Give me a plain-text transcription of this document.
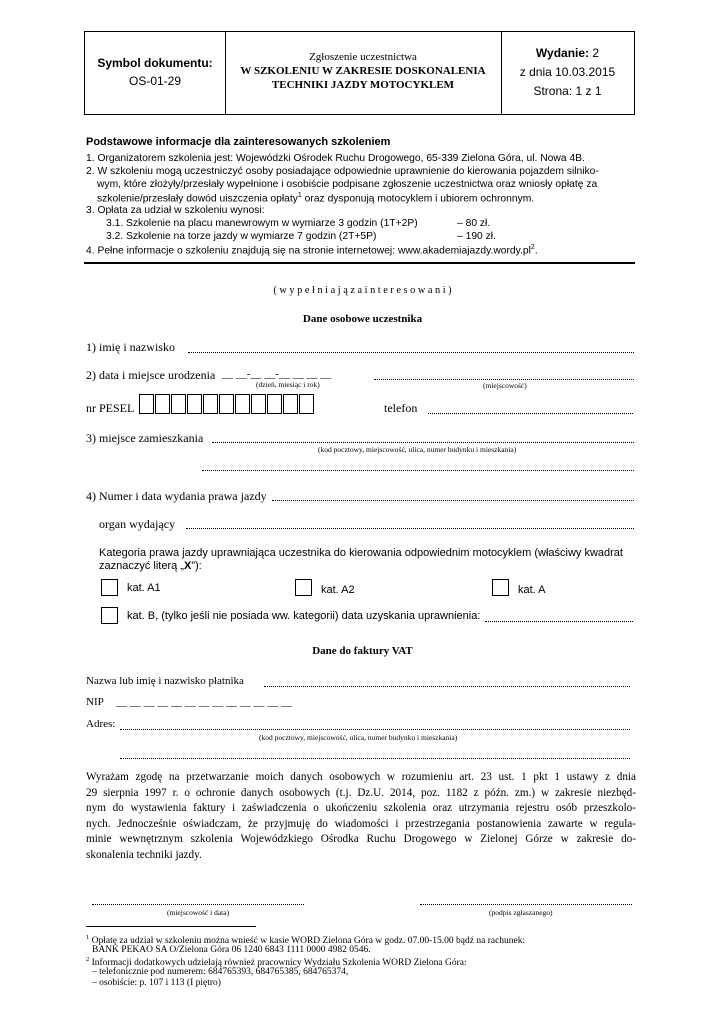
Symbol dokumentu:
OS-01-29
Zgłoszenie uczestnictwa
W SZKOLENIU W ZAKRESIE DOSKONALENIA
TECHNIKI JAZDY MOTOCYKLEM
Wydanie: 2
z dnia 10.03.2015
Strona: 1 z 1
Podstawowe informacje dla zainteresowanych szkoleniem
1. Organizatorem szkolenia jest: Wojewódzki Ośrodek Ruchu Drogowego, 65-339 Zielona Góra, ul. Nowa 4B.
2. W szkoleniu mogą uczestniczyć osoby posiadające odpowiednie uprawnienie do kierowania pojazdem silniko-
wym, które złożyły/przesłały wypełnione i osobiście podpisane zgłoszenie uczestnictwa oraz wniosły opłatę za
szkolenie/przesłały dowód uiszczenia opłaty$^1$ oraz dysponują motocyklem i ubiorem ochronnym.
3. Opłata za udział w szkoleniu wynosi:
3.1. Szkolenie na placu manewrowym w wymiarze 3 godzin (1T+2P)	– 80 zł.
3.2. Szkolenie na torze jazdy w wymiarze 7 godzin (2T+5P)	– 190 zł.
4. Pełne informacje o szkoleniu znajdują się na stronie internetowej: $www.akademiajazdy.wordy.pl^2$.
( w y p e ł n i a j ą z a i n t e r e s o w a n i )
Dane osobowe uczestnika
1) imię i nazwisko
2) data i miejsce urodzenia __ __-__ __-__ __ __ __
(dzień, miesiąc i rok)	(miejscowość)
nr PESEL	telefon
3) miejsce zamieszkania
(kod pocztowy, miejscowość, ulica, numer budynku i mieszkania)
4) Numer i data wydania prawa jazdy
organ wydający
Kategoria prawa jazdy uprawniająca uczestnika do kierowania odpowiednim motocyklem (właściwy kwadrat
zaznaczyć literą „X”):
kat. A1	kat. A2	kat. A
kat. B, (tylko jeśli nie posiada ww. kategorii) data uzyskania uprawnienia:
Dane do faktury VAT
Nazwa lub imię i nazwisko płatnika
NIP __ __ __ __ __ __ __ __ __ __ __ __ __
Adres:
(kod pocztowy, miejscowość, ulica, numer budynku i mieszkania)
Wyrażam zgodę na przetwarzanie moich danych osobowych w rozumieniu art. 23 ust. 1 pkt 1 ustawy z dnia
29 sierpnia 1997 r. o ochronie danych osobowych (t.j. Dz.U. 2014, poz. 1182 z późn. zm.) w zakresie niezbęd-
nym do wystawienia faktury i zaświadczenia o ukończeniu szkolenia oraz utrzymania rejestru osób przeszkolo-
nych. Jednocześnie oświadczam, że przyjmuję do wiadomości i przestrzegania postanowienia zawarte w regula-
minie wewnętrznym szkolenia Wojewódzkiego Ośrodka Ruchu Drogowego w Zielonej Górze w zakresie do-
skonalenia techniki jazdy.
(miejscowość i data)	(podpis zgłaszanego)
$^1$ Opłatę za udział w szkoleniu można wnieść w kasie WORD Zielona Góra w godz. 07.00-15.00 bądź na rachunek:
BANK PEKAO SA O/Zielona Góra 06 1240 6843 1111 0000 4982 0546.
$^2$ Informacji dodatkowych udzielają również pracownicy Wydziału Szkolenia WORD Zielona Góra:
– telefonicznie pod numerem: 684765393, 684765385, 684765374,
– osobiście: p. 107 i 113 (I piętro)
